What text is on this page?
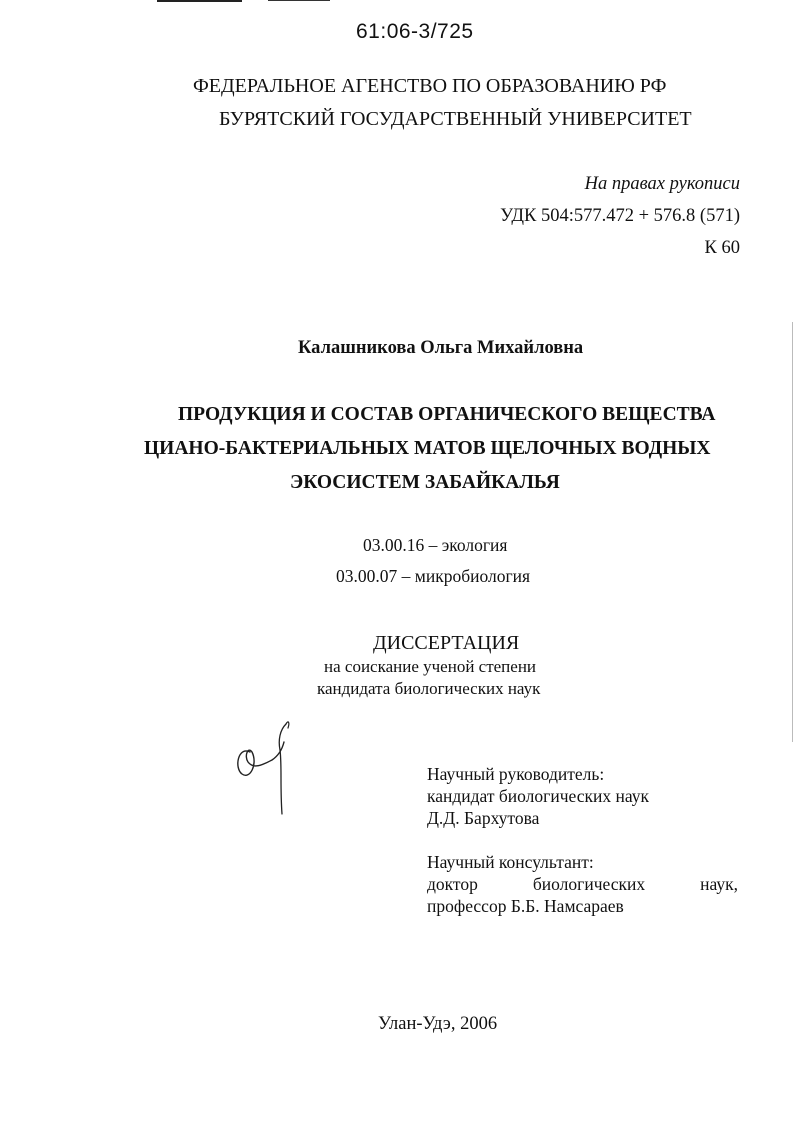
61:06-3/725
ФЕДЕРАЛЬНОЕ АГЕНСТВО ПО ОБРАЗОВАНИЮ РФ
БУРЯТСКИЙ ГОСУДАРСТВЕННЫЙ УНИВЕРСИТЕТ
На правах рукописи
УДК 504:577.472 + 576.8 (571)
К 60
Калашникова Ольга Михайловна
ПРОДУКЦИЯ И СОСТАВ ОРГАНИЧЕСКОГО ВЕЩЕСТВА
ЦИАНО-БАКТЕРИАЛЬНЫХ МАТОВ ЩЕЛОЧНЫХ ВОДНЫХ
ЭКОСИСТЕМ ЗАБАЙКАЛЬЯ
03.00.16 – экология
03.00.07 – микробиология
ДИССЕРТАЦИЯ
на соискание ученой степени
кандидата биологических наук
Научный руководитель:
кандидат биологических наук
Д.Д. Бархутова
Научный консультант:
доктор	биологических	наук,
профессор Б.Б. Намсараев
Улан-Удэ, 2006
